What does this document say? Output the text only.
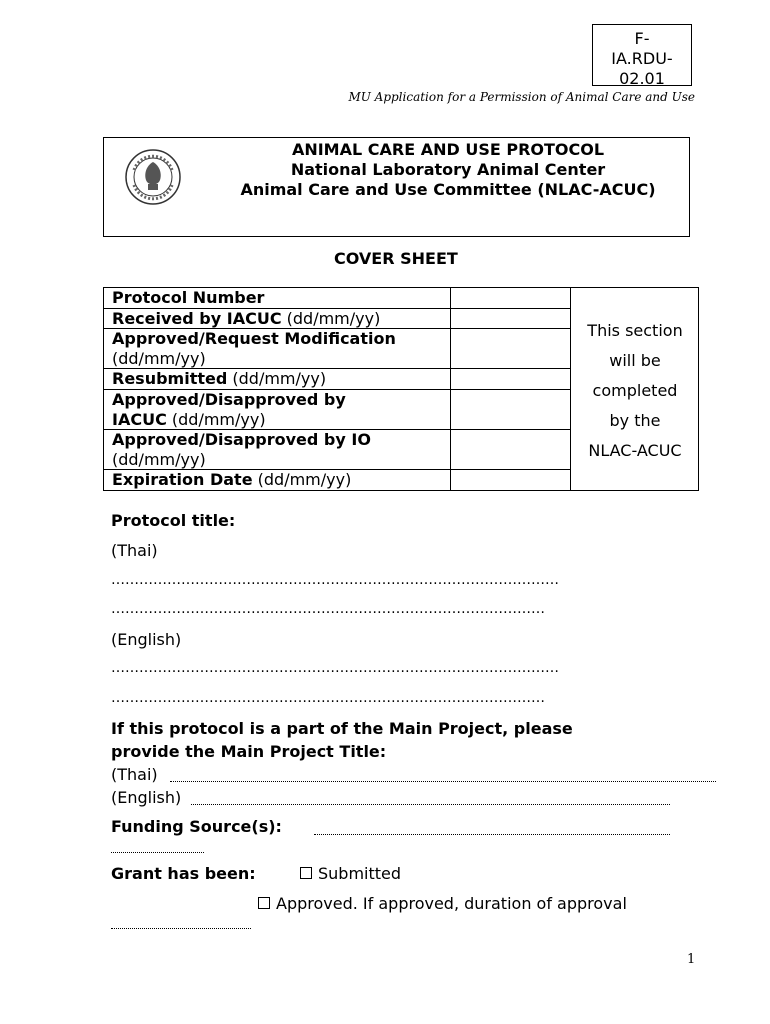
F-
IA.RDU-
02.01
MU Application for a Permission of Animal Care and Use
ANIMAL CARE AND USE PROTOCOL
National Laboratory Animal Center
Animal Care and Use Committee (NLAC-ACUC)
COVER SHEET
Protocol Number
Received by IACUC (dd/mm/yy)
Approved/Request Modification
(dd/mm/yy)
Resubmitted (dd/mm/yy)
Approved/Disapproved by
IACUC (dd/mm/yy)
Approved/Disapproved by IO
(dd/mm/yy)
Expiration Date (dd/mm/yy)
This section
will be
completed
by the
NLAC-ACUC
Protocol title:
(Thai)
……………………………………………………………………………………
…………………………………………………………………………………
(English)
……………………………………………………………………………………
…………………………………………………………………………………
If this protocol is a part of the Main Project, please
provide the Main Project Title:
(Thai)
(English)
Funding Source(s):
Grant has been:	Submitted
Approved. If approved, duration of approval
1
